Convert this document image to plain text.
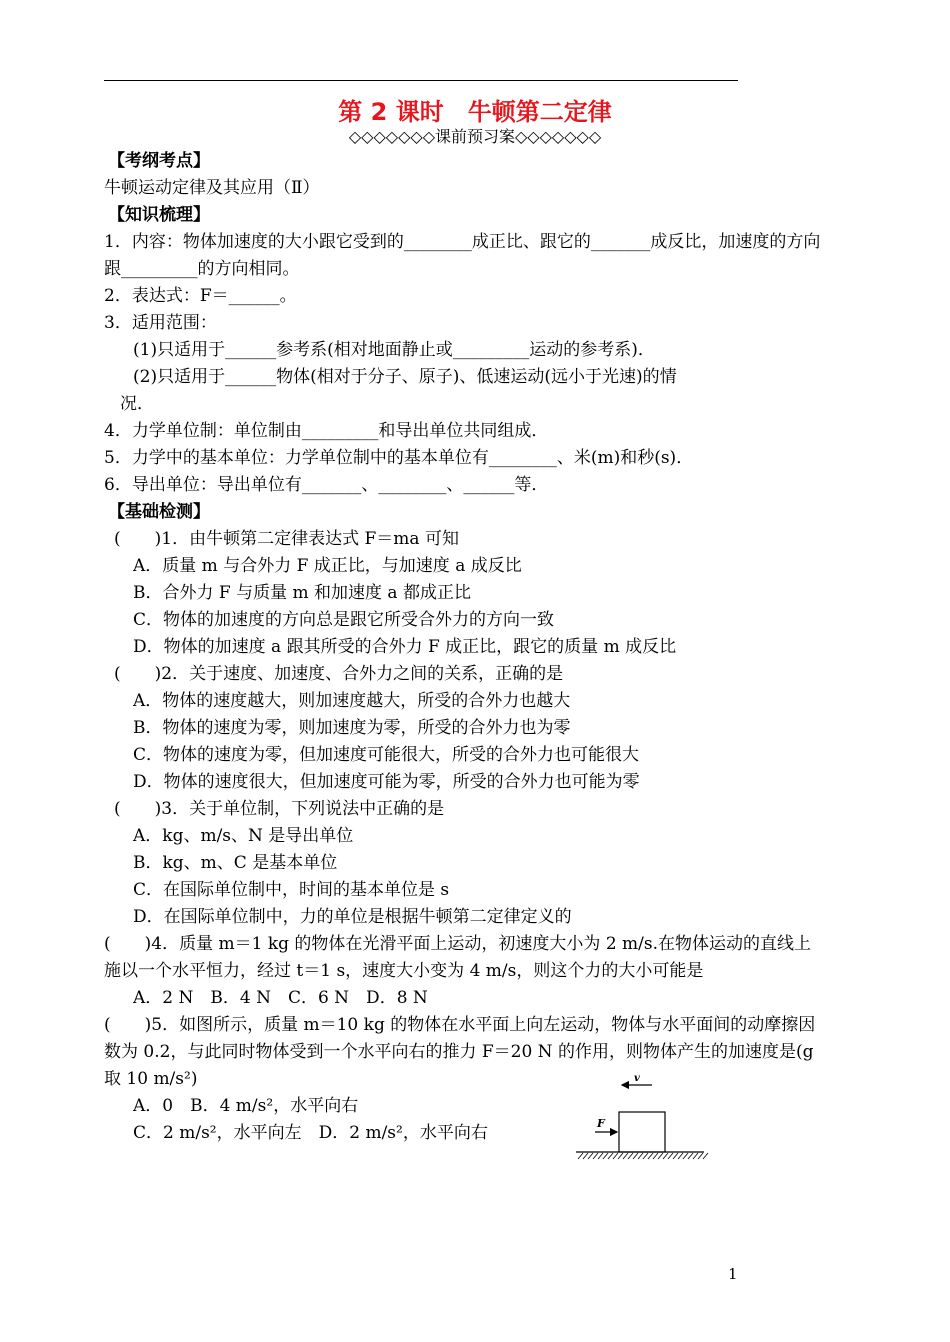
第 2 课时　牛顿第二定律
◇◇◇◇◇◇◇课前预习案◇◇◇◇◇◇◇
【考纲考点】
牛顿运动定律及其应用（Ⅱ）
【知识梳理】
1．内容：物体加速度的大小跟它受到的________成正比、跟它的_______成反比，加速度的方向
跟_________的方向相同。
2．表达式：F＝______。
3．适用范围：
(1)只适用于______参考系(相对地面静止或_________运动的参考系)．
(2)只适用于______物体(相对于分子、原子)、低速运动(远小于光速)的情
况．
4．力学单位制：单位制由_________和导出单位共同组成．
5．力学中的基本单位：力学单位制中的基本单位有________、米(m)和秒(s)．
6．导出单位：导出单位有_______、________、______等．
【基础检测】
(　　)1．由牛顿第二定律表达式 F＝ma 可知
A．质量 m 与合外力 F 成正比，与加速度 a 成反比
B．合外力 F 与质量 m 和加速度 a 都成正比
C．物体的加速度的方向总是跟它所受合外力的方向一致
D．物体的加速度 a 跟其所受的合外力 F 成正比，跟它的质量 m 成反比
(　　)2．关于速度、加速度、合外力之间的关系，正确的是
A．物体的速度越大，则加速度越大，所受的合外力也越大
B．物体的速度为零，则加速度为零，所受的合外力也为零
C．物体的速度为零，但加速度可能很大，所受的合外力也可能很大
D．物体的速度很大，但加速度可能为零，所受的合外力也可能为零
(　　)3．关于单位制，下列说法中正确的是
A．kg、m/s、N 是导出单位
B．kg、m、C 是基本单位
C．在国际单位制中，时间的基本单位是 s
D．在国际单位制中，力的单位是根据牛顿第二定律定义的
(　　)4．质量 m＝1 kg 的物体在光滑平面上运动，初速度大小为 2 m/s.在物体运动的直线上
施以一个水平恒力，经过 t＝1 s，速度大小变为 4 m/s，则这个力的大小可能是
A．2 N　B．4 N　C．6 N　D．8 N
(　　)5．如图所示，质量 m＝10 kg 的物体在水平面上向左运动，物体与水平面间的动摩擦因
数为 0.2，与此同时物体受到一个水平向右的推力 F＝20 N 的作用，则物体产生的加速度是(g
取 10 m/s²)
A．0　B．4 m/s²，水平向右
C．2 m/s²，水平向左　D．2 m/s²，水平向右
v
F
1
